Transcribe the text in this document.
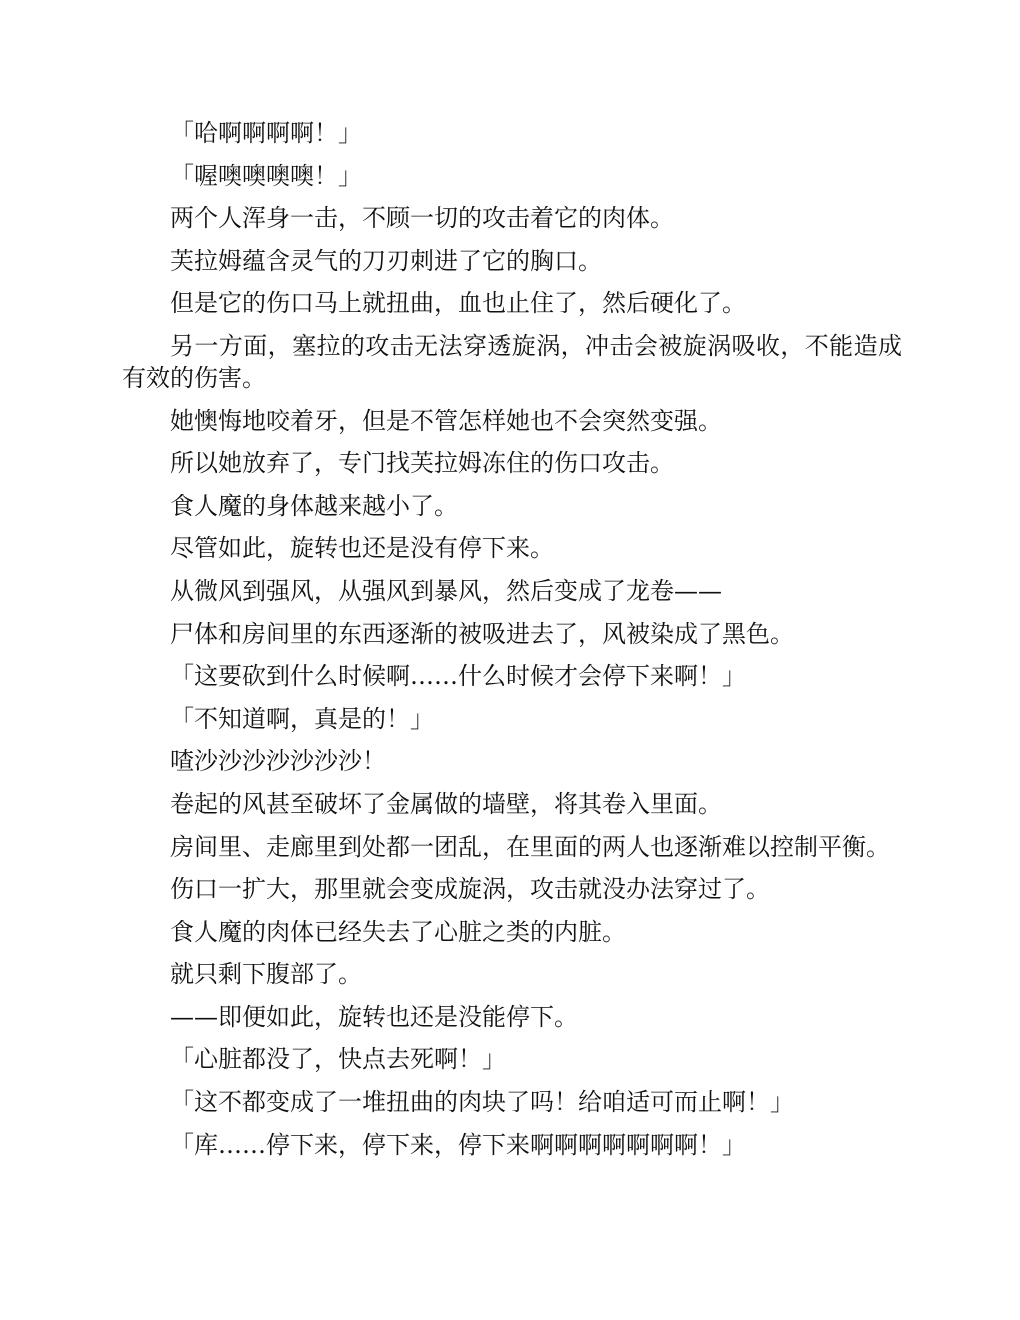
「哈啊啊啊啊！」

「喔噢噢噢噢！」

两个人浑身一击，不顾一切的攻击着它的肉体。

芙拉姆蕴含灵气的刀刃刺进了它的胸口。

但是它的伤口马上就扭曲，血也止住了，然后硬化了。

另一方面，塞拉的攻击无法穿透旋涡，冲击会被旋涡吸收，不能造成有效的伤害。

她懊悔地咬着牙，但是不管怎样她也不会突然变强。

所以她放弃了，专门找芙拉姆冻住的伤口攻击。

食人魔的身体越来越小了。

尽管如此，旋转也还是没有停下来。

从微风到强风，从强风到暴风，然后变成了龙卷——

尸体和房间里的东西逐渐的被吸进去了，风被染成了黑色。

「这要砍到什么时候啊……什么时候才会停下来啊！」

「不知道啊，真是的！」

喳沙沙沙沙沙沙沙！

卷起的风甚至破坏了金属做的墙壁，将其卷入里面。

房间里、走廊里到处都一团乱，在里面的两人也逐渐难以控制平衡。

伤口一扩大，那里就会变成旋涡，攻击就没办法穿过了。

食人魔的肉体已经失去了心脏之类的内脏。

就只剩下腹部了。

——即便如此，旋转也还是没能停下。

「心脏都没了，快点去死啊！」

「这不都变成了一堆扭曲的肉块了吗！给咱适可而止啊！」

「库……停下来，停下来，停下来啊啊啊啊啊啊啊！」
